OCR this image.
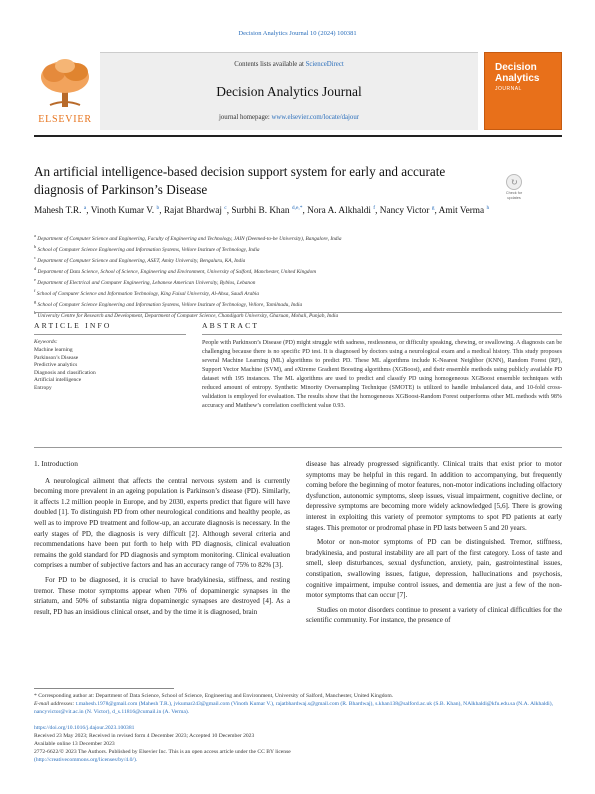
Decision Analytics Journal 10 (2024) 100381
ELSEVIER
Contents lists available at ScienceDirect
Decision Analytics Journal
journal homepage: www.elsevier.com/locate/dajour
Decision
Analytics
JOURNAL
An artificial intelligence-based decision support system for early and accurate diagnosis of Parkinson’s Disease
↻
Check for updates
Mahesh T.R. $^a$, Vinoth Kumar V. $^b$, Rajat Bhardwaj $^c$, Surbhi B. Khan $^{d,e,*}$, Nora A. Alkhaldi $^f$, Nancy Victor $^g$, Amit Verma $^h$
$^a$ Department of Computer Science and Engineering, Faculty of Engineering and Technology, JAIN (Deemed-to-be University), Bangalore, India
$^b$ School of Computer Science Engineering and Information Systems, Vellore Institute of Technology, India
$^c$ Department of Computer Science and Engineering, ASET, Amity University, Bengaluru, KA, India
$^d$ Department of Data Science, School of Science, Engineering and Environment, University of Salford, Manchester, United Kingdom
$^e$ Department of Electrical and Computer Engineering, Lebanese American University, Byblos, Lebanon
$^f$ School of Computer Science and Information Technology, King Faisal University, Al-Ahsa, Saudi Arabia
$^g$ School of Computer Science Engineering and Information Systems, Vellore Institute of Technology, Vellore, Tamilnadu, India
$^h$ University Centre for Research and Development, Department of Computer Science, Chandigarh University, Gharuan, Mohali, Punjab, India
ARTICLE INFO
Keywords:
Machine learning
Parkinson’s Disease
Predictive analytics
Diagnosis and classification
Artificial intelligence
Entropy
ABSTRACT
People with Parkinson’s Disease (PD) might struggle with sadness, restlessness, or difficulty speaking, chewing, or swallowing. A diagnosis can be challenging because there is no specific PD test. It is diagnosed by doctors using a neurological exam and a medical history. This study proposes several Machine Learning (ML) algorithms to predict PD. These ML algorithms include K-Nearest Neighbor (KNN), Random Forest (RF), Support Vector Machine (SVM), and eXtreme Gradient Boosting algorithms (XGBoost), and their ensemble methods using publicly available PD dataset with 195 instances. The ML algorithms are used to predict and classify PD using homogeneous XGBoost ensemble techniques with reduced amount of entropy. Synthetic Minority Oversampling Technique (SMOTE) is utilized to handle imbalanced data, and 10-fold cross-validation is employed for evaluation. The results show that the homogeneous XGBoost-Random Forest outperforms other ML methods with 98% accuracy and Matthew’s correlation coefficient value 0.93.
1. Introduction

A neurological ailment that affects the central nervous system and is currently becoming more prevalent in an ageing population is Parkinson’s disease (PD). Similarly, it affects 1.2 million people in Europe, and by 2030, experts predict that figure will have doubled [1]. To distinguish PD from other neurological conditions and healthy people, as well as to improve PD treatment and follow-up, an accurate diagnosis is necessary. In the early stages of PD, the diagnosis is very difficult [2]. Although several criteria and recommendations have been put forth to help with PD diagnosis, clinical evaluation remains the gold standard for PD diagnosis and symptom monitoring. Clinical evaluation comprises a number of subjective factors and has an accuracy range of 75% to 82% [3].

For PD to be diagnosed, it is crucial to have bradykinesia, stiffness, and resting tremor. These motor symptoms appear when 70% of dopaminergic synapses in the striatum, and 50% of substantia nigra dopaminergic synapses are destroyed [4]. As a result, PD has an insidious clinical onset, and by the time it is diagnosed, brain

disease has already progressed significantly. Clinical traits that exist prior to motor symptoms may be helpful in this regard. In addition to accompanying, but frequently coming before the beginning of motor features, non-motor indications including olfactory dysfunction, autonomic symptoms, sleep issues, visual impairment, cognitive decline, or depressive symptoms are becoming more widely acknowledged [5,6]. There is growing interest in exploiting this variety of premotor symptoms to spot PD patients at early stages. This premotor or prodromal phase in PD lasts between 5 and 20 years.

Motor or non-motor symptoms of PD can be distinguished. Tremor, stiffness, bradykinesia, and postural instability are all part of the first category. Loss of taste and smell, sleep disturbances, sexual dysfunction, anxiety, pain, gastrointestinal issues, constipation, swallowing issues, fatigue, depression, hallucinations and psychosis, cognitive impairment, impulse control issues, and dementia are just a few of the non-motor symptoms that can occur [7].

Studies on motor disorders continue to present a variety of clinical difficulties for the scientific community. For instance, the presence of

* Corresponding author at: Department of Data Science, School of Science, Engineering and Environment, University of Salford, Manchester, United Kingdom.
E-mail addresses: t.mahesh.1978@gmail.com (Mahesh T.R.), jvkumar243@gmail.com (Vinoth Kumar V.), rajatbhardwaj.s@gmail.com (R. Bhardwaj), s.khan138@salford.ac.uk (S.B. Khan), NAlkhaldi@kfu.edu.sa (N.A. Alkhaldi), nancyvictor@vit.ac.in (N. Victor), d_s.11816@cumail.in (A. Verma).
https://doi.org/10.1016/j.dajour.2023.100381
Received 23 May 2023; Received in revised form 4 December 2023; Accepted 10 December 2023
Available online 13 December 2023
2772-6622/© 2023 The Authors. Published by Elsevier Inc. This is an open access article under the CC BY license
(http://creativecommons.org/licenses/by/4.0/).
